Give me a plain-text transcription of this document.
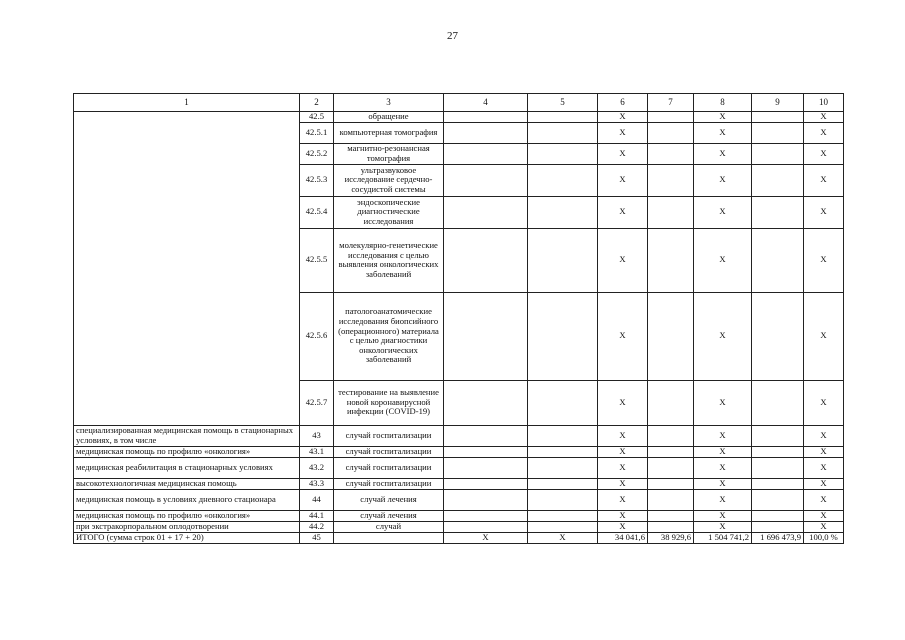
27
1	2	3	4	5	6	7	8	9	10
	42.5	обращение			X		X		X
	42.5.1	компьютерная томография			X		X		X
	42.5.2	магнитно-резонансная томография			X		X		X
	42.5.3	ультразвуковое исследование сердечно-сосудистой системы			X		X		X
	42.5.4	эндоскопические диагностические исследования			X		X		X
	42.5.5	молекулярно-генетические исследования с целью выявления онкологических заболеваний			X		X		X
	42.5.6	патологоанатомические исследования биопсийного (операционного) материала с целью диагностики онкологических заболеваний			X		X		X
	42.5.7	тестирование на выявление новой коронавирусной инфекции (COVID-19)			X		X		X
специализированная медицинская помощь в стационарных условиях, в том числе	43	случай госпитализации			X		X		X
медицинская помощь по профилю «онкология»	43.1	случай госпитализации			X		X		X
медицинская реабилитация в стационарных условиях	43.2	случай госпитализации			X		X		X
высокотехнологичная медицинская помощь	43.3	случай госпитализации			X		X		X
медицинская помощь в условиях дневного стационара	44	случай лечения			X		X		X
медицинская помощь по профилю «онкология»	44.1	случай лечения			X		X		X
при экстракорпоральном оплодотворении	44.2	случай			X		X		X
ИТОГО (сумма строк 01 + 17 + 20)	45		X	X	34 041,6	38 929,6	1 504 741,2	1 696 473,9	100,0 %
